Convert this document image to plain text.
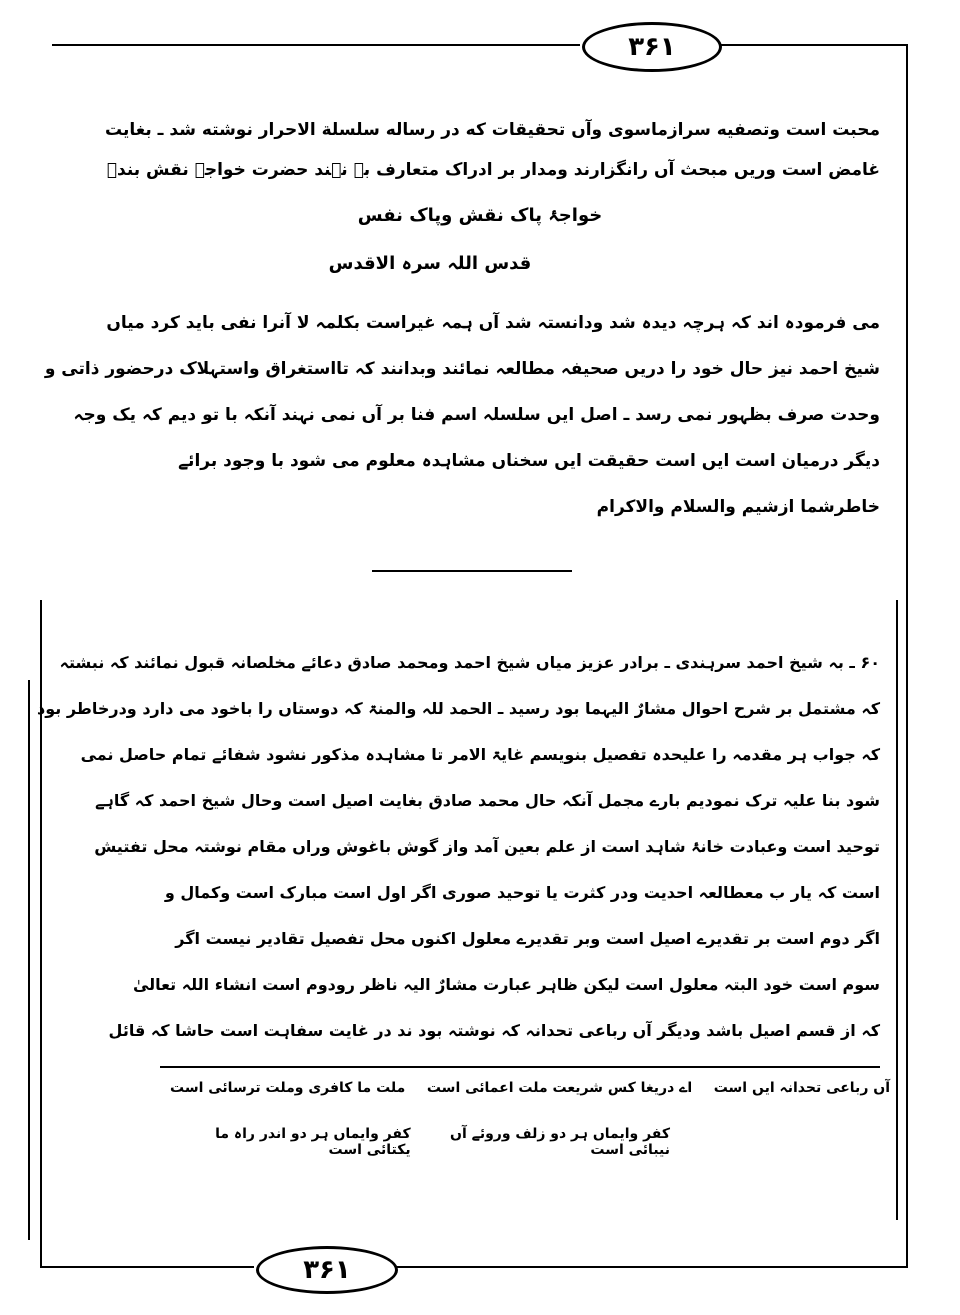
۳۶۱
محبت است وتصفیه سرازماسوی وآں تحقیقات که در رساله سلسلة الاحرار نوشته شد ـ بغایت
غامض است وریں مبحث آں رانگزارند ومدار بر ادراک متعارف بہ نہند حضرت خواجہ نقش بندؒ
خواجۂ پاک نقش وپاک نفس
قدس اللہ سرہ الاقدس
می فرمودہ اند کہ ہرچہ دیدہ شد ودانستہ شد آں ہمہ غیراست بکلمہ لا آنرا نفی باید کرد میاں
شیخ احمد نیز حال خود را دریں صحیفہ مطالعہ نمائند وبدانند کہ تااستغراق واستہلاک درحضور ذاتی و
وحدت صرف بظہور نمی رسد ـ اصل ایں سلسلہ اسم فنا بر آں نمی نہند آنکہ با تو دیم کہ یک وجہ
دیگر درمیان است ایں است حقیقت ایں سخناں مشاہدہ معلوم می شود با وجود برائے
خاطرشما ازشیم والسلام والاکرام
۶۰ ـ بہ شیخ احمد سرہندی ـ برادر عزیز میاں شیخ احمد ومحمد صادق دعائے مخلصانہ قبول نمائند کہ نبشتہ
کہ مشتمل بر شرح احوال مشارٌ الیہما بود رسید ـ الحمد للہ والمنۃ کہ دوستاں را باخود می دارد ودرخاطر بود
کہ جواب ہر مقدمہ را علیحدہ تفصیل بنویسم غایۃ الامر تا مشاہدہ مذکور نشود شفائے تمام حاصل نمی
شود بنا علیہ ترک نمودیم بارے مجمل آنکہ حال محمد صادق بغایت اصیل است وحال شیخ احمد کہ گاہے
توحید است وعبادت خانۂ شاہد است از علم بعین آمد واز گوش باغوش وراں مقام نوشتہ محل تفتیش
است کہ یار ب معطالعہ احدیت ودر کثرت یا توحید صوری اگر اول است مبارک است وکمال و
اگر دوم است بر تقدیرے اصیل است وبر تقدیرے معلول اکنوں محل تفصیل تقادیر نیست اگر
سوم است خود البتہ معلول است لیکن ظاہر عبارت مشارٌ الیہ ناظر رودوم است انشاء اللہ تعالیٰ
کہ از قسم اصیل باشد ودیگر آں رباعی تحدانہ کہ نوشتہ بود ند در غایت سفاہت است حاشا کہ قائل
آں رباعی تحدانہ ایں است
اے دریغا کس شریعت ملت اعمائی است
ملت ما کافری وملت ترسائی است
کفر وایماں ہر دو زلف وروئے آں نیبائی است
کفر وایماں ہر دو اندر راہ ما یکتائی است
۳۶۱
